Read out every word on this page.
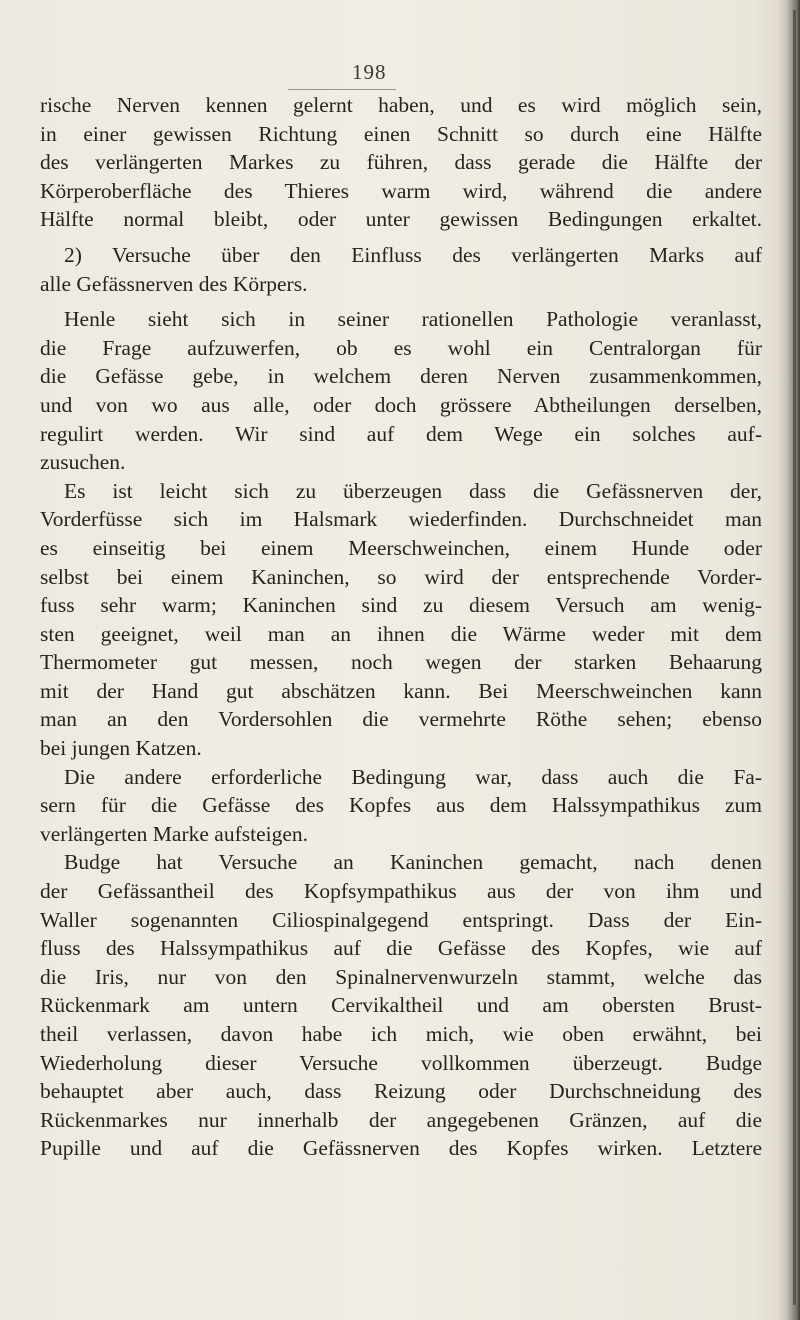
198
rische Nerven kennen gelernt haben, und es wird möglich sein,
in einer gewissen Richtung einen Schnitt so durch eine Hälfte
des verlängerten Markes zu führen, dass gerade die Hälfte der
Körperoberfläche des Thieres warm wird, während die andere
Hälfte normal bleibt, oder unter gewissen Bedingungen erkaltet.
2) Versuche über den Einfluss des verlängerten Marks auf
alle Gefässnerven des Körpers.
Henle sieht sich in seiner rationellen Pathologie veranlasst,
die Frage aufzuwerfen, ob es wohl ein Centralorgan für
die Gefässe gebe, in welchem deren Nerven zusammenkommen,
und von wo aus alle, oder doch grössere Abtheilungen derselben,
regulirt werden. Wir sind auf dem Wege ein solches auf-
zusuchen.
Es ist leicht sich zu überzeugen dass die Gefässnerven der,
Vorderfüsse sich im Halsmark wiederfinden. Durchschneidet man
es einseitig bei einem Meerschweinchen, einem Hunde oder
selbst bei einem Kaninchen, so wird der entsprechende Vorder-
fuss sehr warm; Kaninchen sind zu diesem Versuch am wenig-
sten geeignet, weil man an ihnen die Wärme weder mit dem
Thermometer gut messen, noch wegen der starken Behaarung
mit der Hand gut abschätzen kann. Bei Meerschweinchen kann
man an den Vordersohlen die vermehrte Röthe sehen; ebenso
bei jungen Katzen.
Die andere erforderliche Bedingung war, dass auch die Fa-
sern für die Gefässe des Kopfes aus dem Halssympathikus zum
verlängerten Marke aufsteigen.
Budge hat Versuche an Kaninchen gemacht, nach denen
der Gefässantheil des Kopfsympathikus aus der von ihm und
Waller sogenannten Ciliospinalgegend entspringt. Dass der Ein-
fluss des Halssympathikus auf die Gefässe des Kopfes, wie auf
die Iris, nur von den Spinalnervenwurzeln stammt, welche das
Rückenmark am untern Cervikaltheil und am obersten Brust-
theil verlassen, davon habe ich mich, wie oben erwähnt, bei
Wiederholung dieser Versuche vollkommen überzeugt. Budge
behauptet aber auch, dass Reizung oder Durchschneidung des
Rückenmarkes nur innerhalb der angegebenen Gränzen, auf die
Pupille und auf die Gefässnerven des Kopfes wirken. Letztere
